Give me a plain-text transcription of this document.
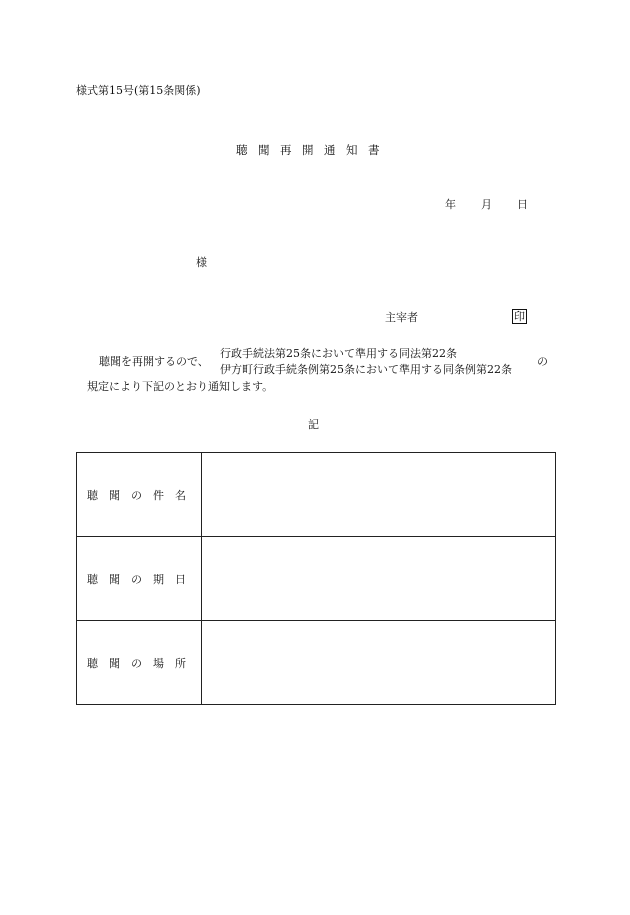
様式第15号(第15条関係)
聴聞再開通知書
年 月 日
様
主宰者	印
聴聞を再開するので、
行政手続法第25条において準用する同法第22条
伊方町行政手続条例第25条において準用する同条例第22条
の
規定により下記のとおり通知します。
記
聴聞の件名	
聴聞の期日	
聴聞の場所	
